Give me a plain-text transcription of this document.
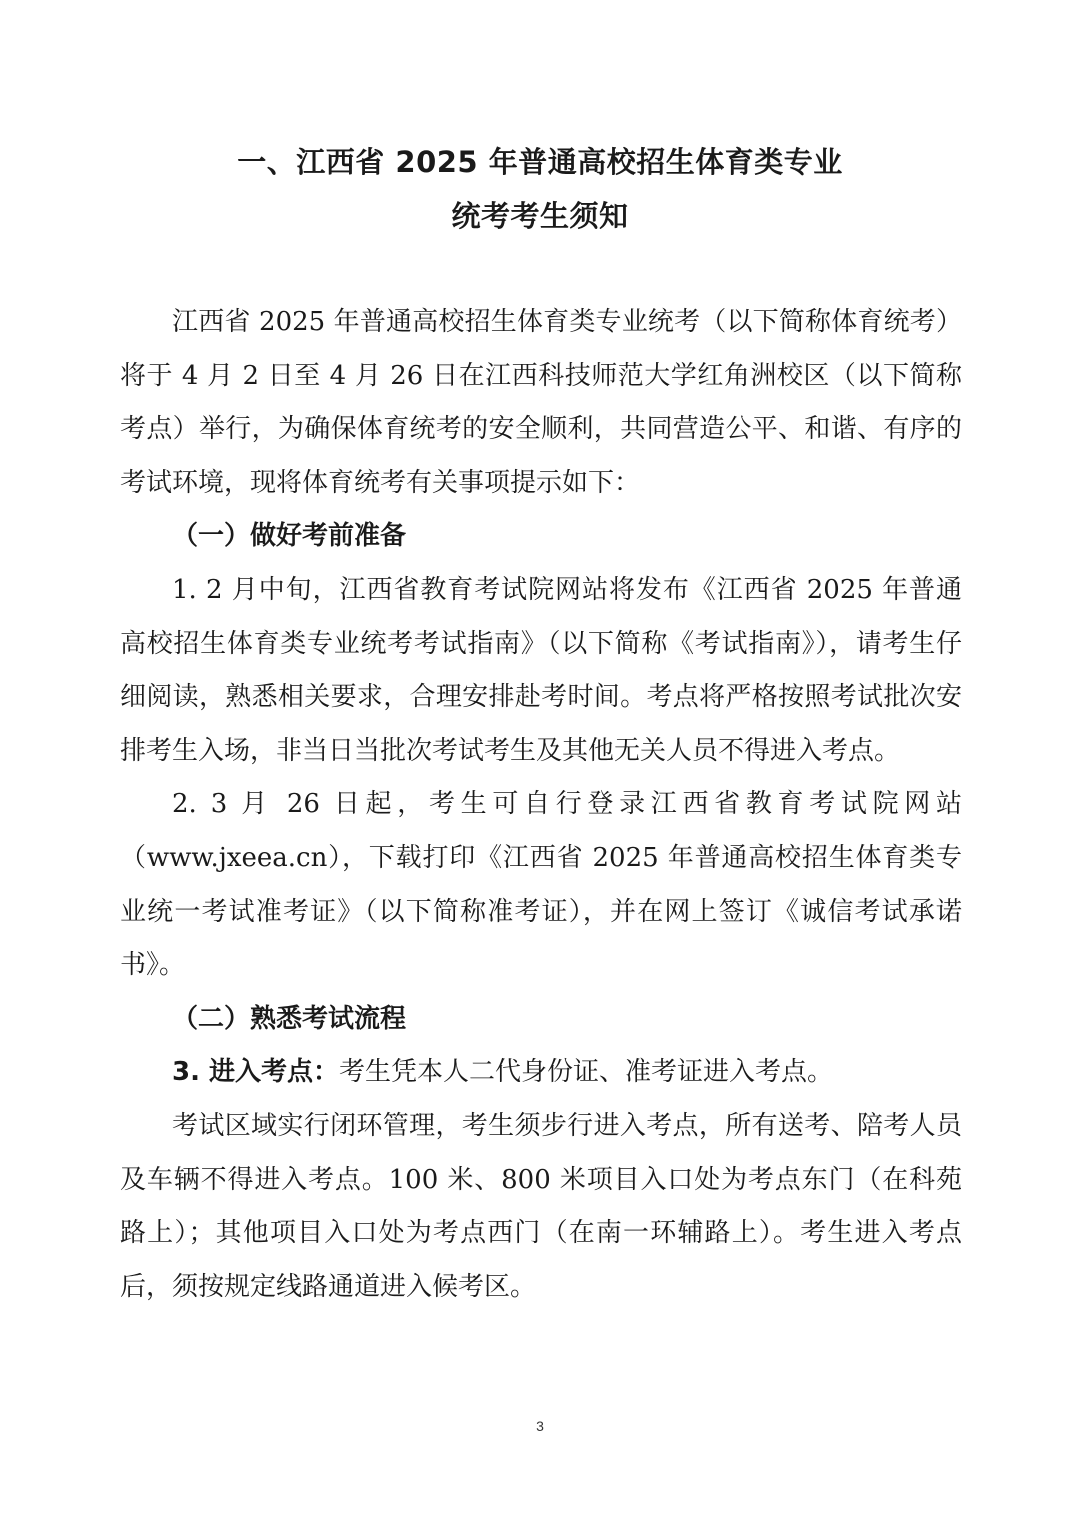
一、江西省 2025 年普通高校招生体育类专业
统考考生须知

江西省 2025 年普通高校招生体育类专业统考（以下简称体育统考）将于 4 月 2 日至 4 月 26 日在江西科技师范大学红角洲校区（以下简称考点）举行，为确保体育统考的安全顺利，共同营造公平、和谐、有序的考试环境，现将体育统考有关事项提示如下：

（一）做好考前准备

1. 2 月中旬，江西省教育考试院网站将发布《江西省 2025 年普通高校招生体育类专业统考考试指南》（以下简称《考试指南》），请考生仔细阅读，熟悉相关要求，合理安排赴考时间。考点将严格按照考试批次安排考生入场，非当日当批次考试考生及其他无关人员不得进入考点。

2. 3 月 26 日起，考生可自行登录江西省教育考试院网站（www.jxeea.cn），下载打印《江西省 2025 年普通高校招生体育类专业统一考试准考证》（以下简称准考证），并在网上签订《诚信考试承诺书》。

（二）熟悉考试流程

3. 进入考点：考生凭本人二代身份证、准考证进入考点。

考试区域实行闭环管理，考生须步行进入考点，所有送考、陪考人员及车辆不得进入考点。100 米、800 米项目入口处为考点东门（在科苑路上）；其他项目入口处为考点西门（在南一环辅路上）。考生进入考点后，须按规定线路通道进入候考区。

3
